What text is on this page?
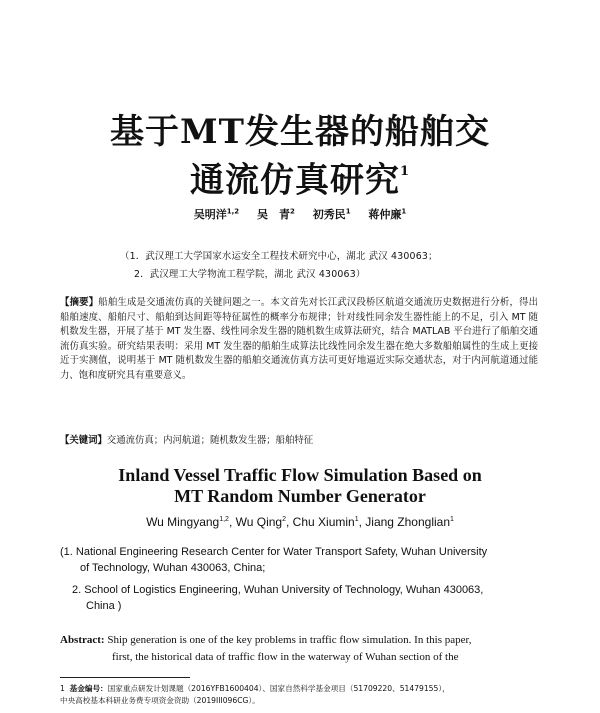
基于MT发生器的船舶交
通流仿真研究$^1$
吴明洋$^{1,2}$ 吴　青$^2$ 初秀民$^1$ 蒋仲廉$^1$
（1．武汉理工大学国家水运安全工程技术研究中心，湖北 武汉 430063；
2．武汉理工大学物流工程学院，湖北 武汉 430063）
【摘要】船舶生成是交通流仿真的关键问题之一。本文首先对长江武汉段桥区航道交通流历史数据进行分析，得出船舶速度、船舶尺寸、船舶到达间距等特征属性的概率分布规律；针对线性同余发生器性能上的不足，引入 MT 随机数发生器，开展了基于 MT 发生器、线性同余发生器的随机数生成算法研究，结合 MATLAB 平台进行了船舶交通流仿真实验。研究结果表明：采用 MT 发生器的船舶生成算法比线性同余发生器在绝大多数船舶属性的生成上更接近于实测值，说明基于 MT 随机数发生器的船舶交通流仿真方法可更好地逼近实际交通状态，对于内河航道通过能力、饱和度研究具有重要意义。
【关键词】交通流仿真；内河航道；随机数发生器；船舶特征
Inland Vessel Traffic Flow Simulation Based on
MT Random Number Generator
Wu Mingyang$^{1,2}$, Wu Qing$^2$, Chu Xiumin$^1$, Jiang Zhonglian$^1$
(1. National Engineering Research Center for Water Transport Safety, Wuhan University
of Technology, Wuhan 430063, China;
2. School of Logistics Engineering, Wuhan University of Technology, Wuhan 430063,
China )
Abstract: Ship generation is one of the key problems in traffic flow simulation. In this paper,
first, the historical data of traffic flow in the waterway of Wuhan section of the
1 基金编号：国家重点研发计划课题（2016YFB1600404）、国家自然科学基金项目（51709220、51479155），
中央高校基本科研业务费专项资金资助（2019III096CG）。
